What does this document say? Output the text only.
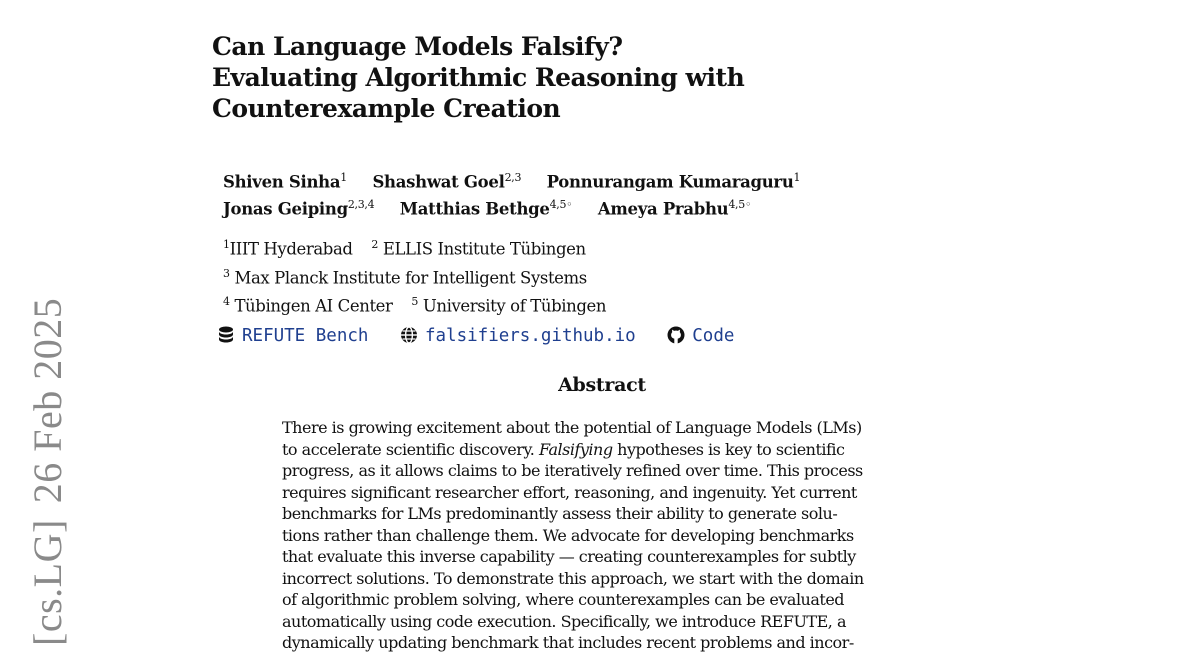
[cs.LG]26 Feb 2025
Can Language Models Falsify?
Evaluating Algorithmic Reasoning with
Counterexample Creation
Shiven Sinha$^1$ Shashwat Goel$^{2,3}$ Ponnurangam Kumaraguru$^1$
Jonas Geiping$^{2,3,4}$ Matthias Bethge$^{4,5◦}$ Ameya Prabhu$^{4,5◦}$
$^1$IIIT Hyderabad $^2$ ELLIS Institute Tübingen
$^3$ Max Planck Institute for Intelligent Systems
$^4$ Tübingen AI Center $^5$ University of Tübingen
REFUTE Bench	falsifiers.github.io	Code
Abstract
There is growing excitement about the potential of Language Models (LMs)
to accelerate scientific discovery. Falsifying hypotheses is key to scientific
progress, as it allows claims to be iteratively refined over time. This process
requires significant researcher effort, reasoning, and ingenuity. Yet current
benchmarks for LMs predominantly assess their ability to generate solu-
tions rather than challenge them. We advocate for developing benchmarks
that evaluate this inverse capability — creating counterexamples for subtly
incorrect solutions. To demonstrate this approach, we start with the domain
of algorithmic problem solving, where counterexamples can be evaluated
automatically using code execution. Specifically, we introduce REFUTE, a
dynamically updating benchmark that includes recent problems and incor-
